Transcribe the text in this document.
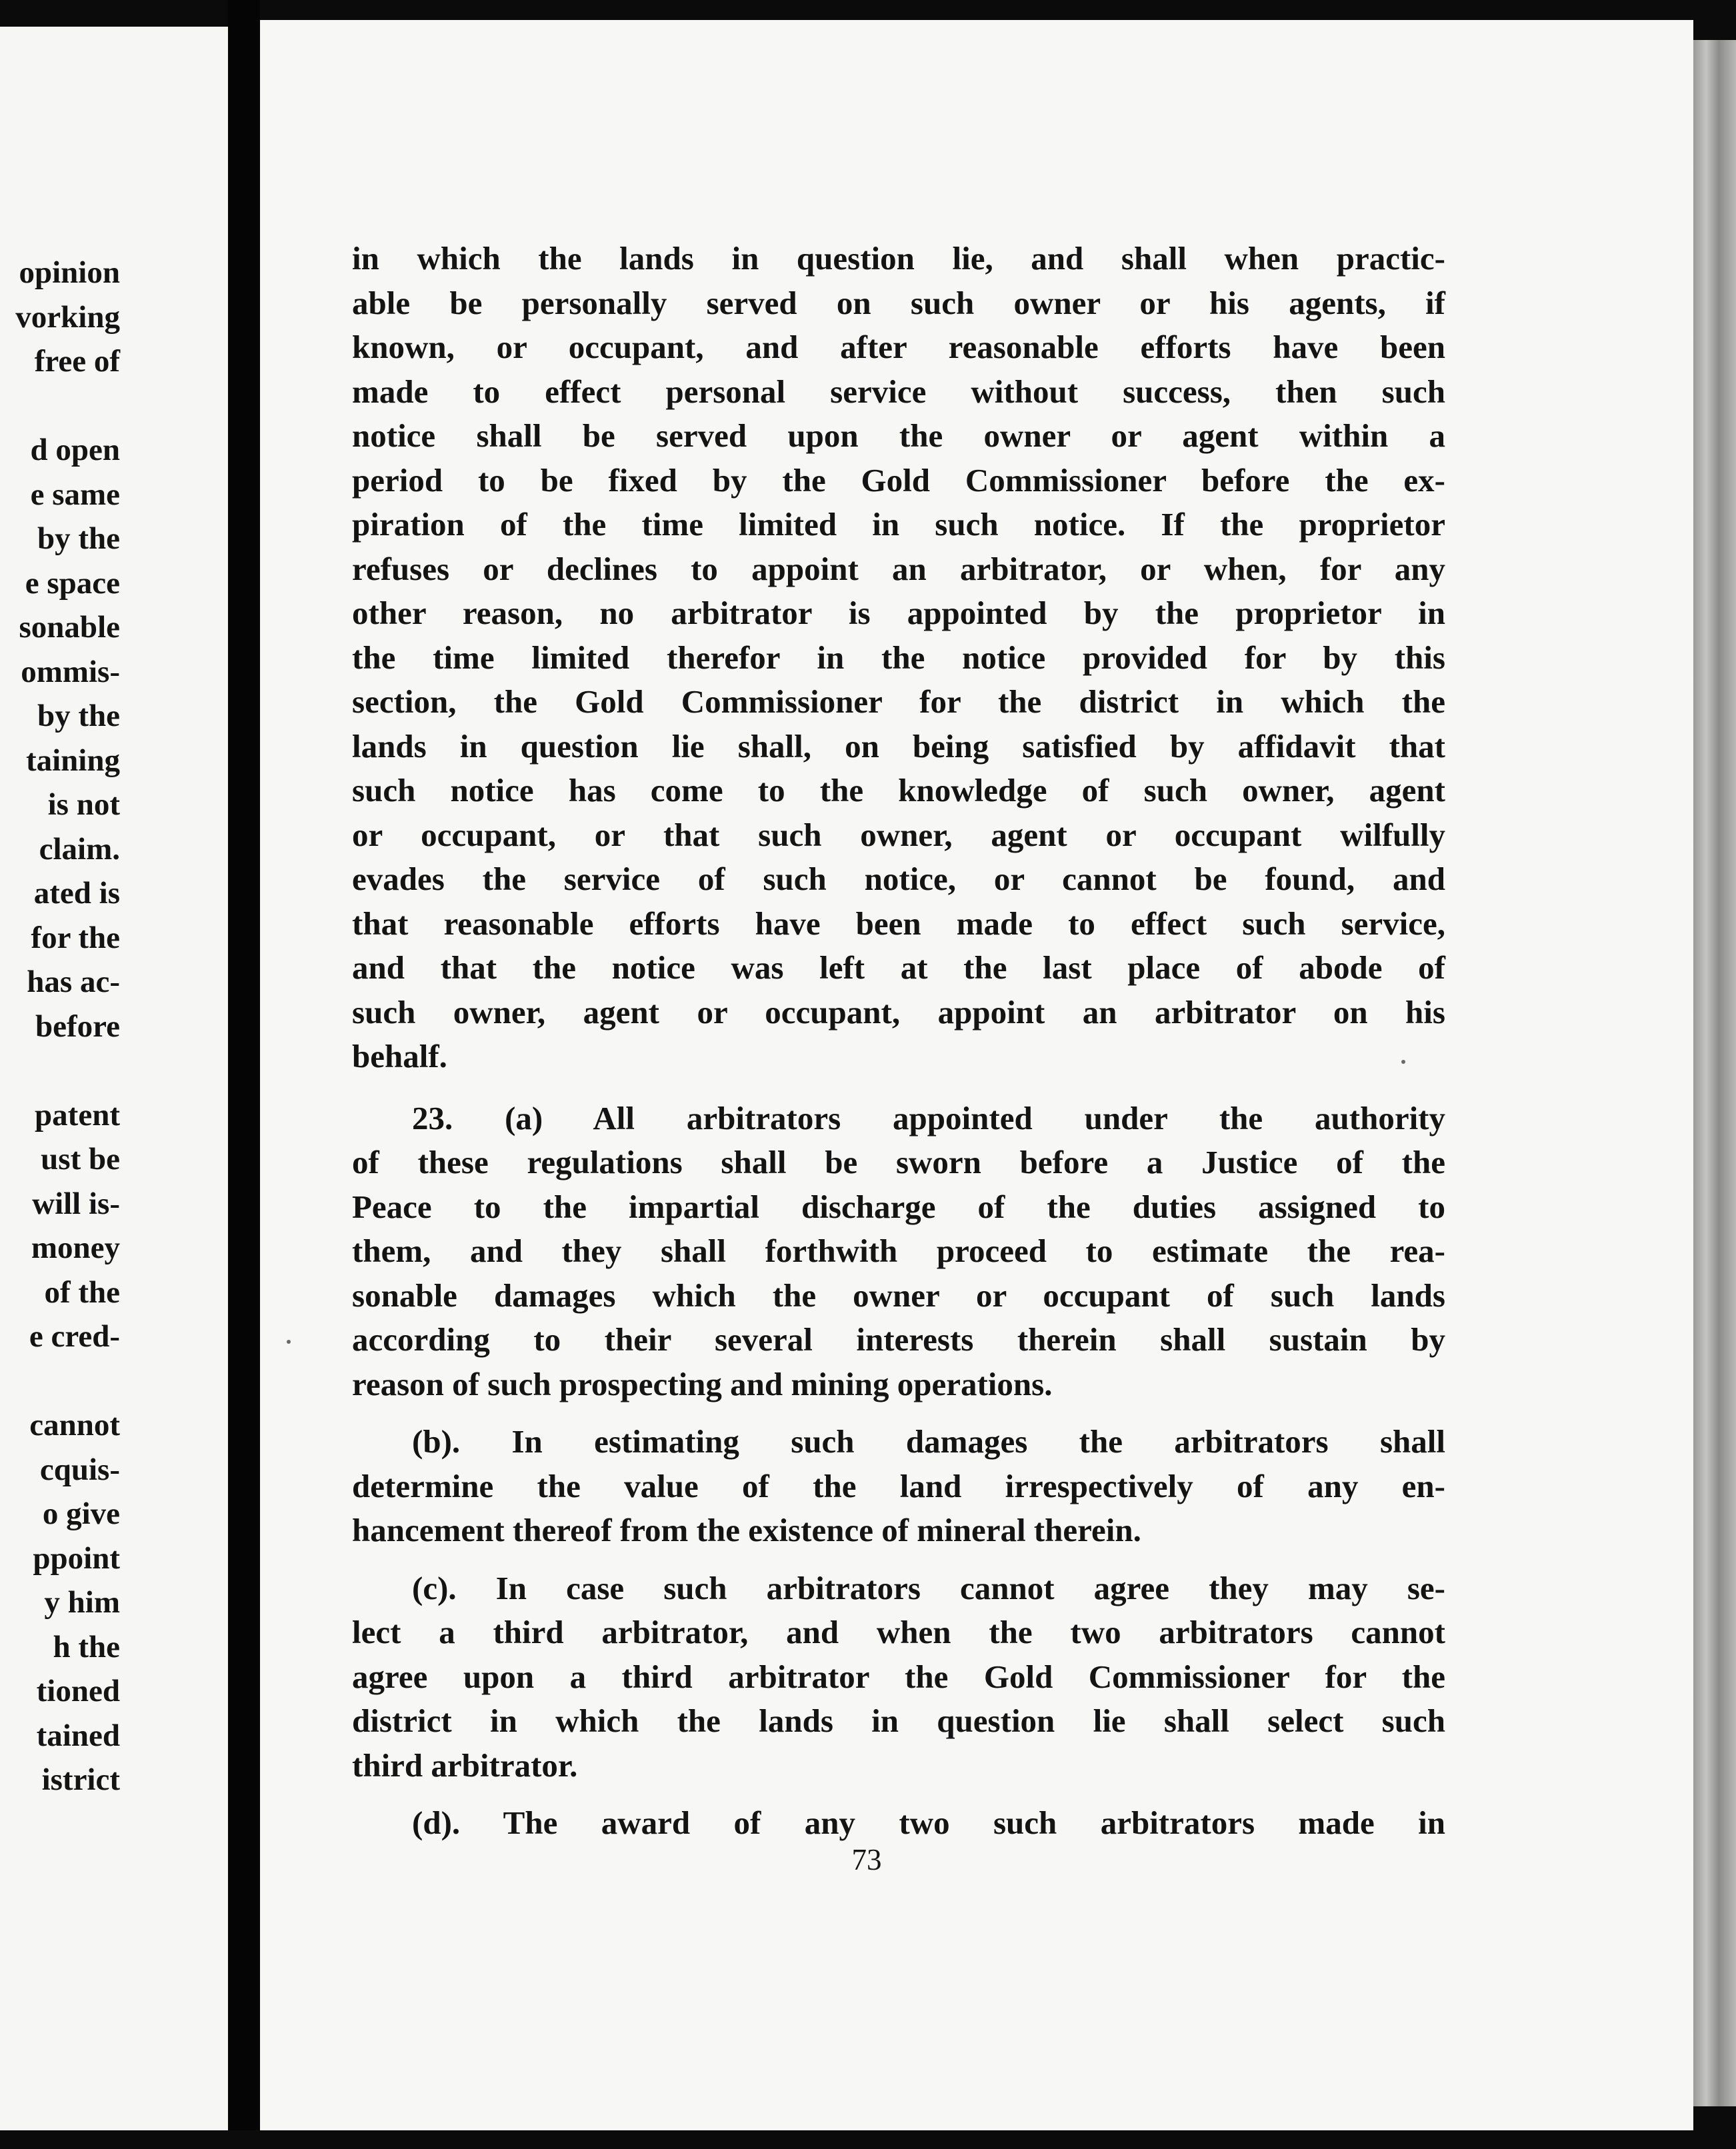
opinion
vorking
free of
d open
e same
by the
e space
sonable
ommis-
by the
taining
is not
claim.
ated is
for the
has ac-
before
patent
ust be
will is-
money
of the
e cred-
cannot
cquis-
o give
ppoint
y him
h the
tioned
tained
istrict
in which the lands in question lie, and shall when practic-
able be personally served on such owner or his agents, if
known, or occupant, and after reasonable efforts have been
made to effect personal service without success, then such
notice shall be served upon the owner or agent within a
period to be fixed by the Gold Commissioner before the ex-
piration of the time limited in such notice. If the proprietor
refuses or declines to appoint an arbitrator, or when, for any
other reason, no arbitrator is appointed by the proprietor in
the time limited therefor in the notice provided for by this
section, the Gold Commissioner for the district in which the
lands in question lie shall, on being satisfied by affidavit that
such notice has come to the knowledge of such owner, agent
or occupant, or that such owner, agent or occupant wilfully
evades the service of such notice, or cannot be found, and
that reasonable efforts have been made to effect such service,
and that the notice was left at the last place of abode of
such owner, agent or occupant, appoint an arbitrator on his
behalf.
23. (a) All arbitrators appointed under the authority
of these regulations shall be sworn before a Justice of the
Peace to the impartial discharge of the duties assigned to
them, and they shall forthwith proceed to estimate the rea-
sonable damages which the owner or occupant of such lands
according to their several interests therein shall sustain by
reason of such prospecting and mining operations.
(b). In estimating such damages the arbitrators shall
determine the value of the land irrespectively of any en-
hancement thereof from the existence of mineral therein.
(c). In case such arbitrators cannot agree they may se-
lect a third arbitrator, and when the two arbitrators cannot
agree upon a third arbitrator the Gold Commissioner for the
district in which the lands in question lie shall select such
third arbitrator.
(d). The award of any two such arbitrators made in
73
